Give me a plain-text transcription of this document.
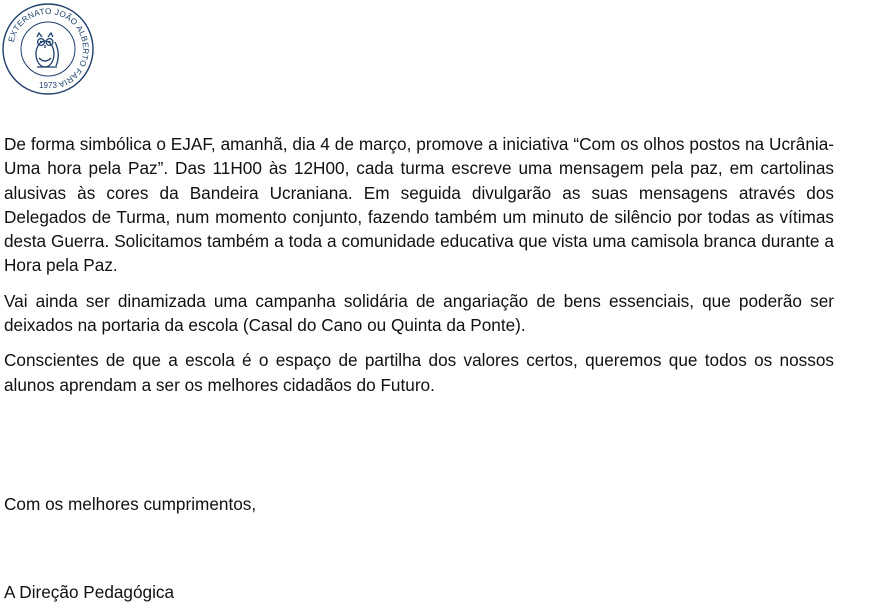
EXTERNATO JOÃO ALBERTO FARIA
1973

De forma simbólica o EJAF, amanhã, dia 4 de março, promove a iniciativa “Com os olhos postos na Ucrânia- Uma hora pela Paz”. Das 11H00 às 12H00, cada turma escreve uma mensagem pela paz, em cartolinas alusivas às cores da Bandeira Ucraniana. Em seguida divulgarão as suas mensagens através dos Delegados de Turma, num momento conjunto, fazendo também um minuto de silêncio por todas as vítimas desta Guerra. Solicitamos também a toda a comunidade educativa que vista uma camisola branca durante a Hora pela Paz.

Vai ainda ser dinamizada uma campanha solidária de angariação de bens essenciais, que poderão ser deixados na portaria da escola (Casal do Cano ou Quinta da Ponte).

Conscientes de que a escola é o espaço de partilha dos valores certos, queremos que todos os nossos alunos aprendam a ser os melhores cidadãos do Futuro.

Com os melhores cumprimentos,

A Direção Pedagógica
